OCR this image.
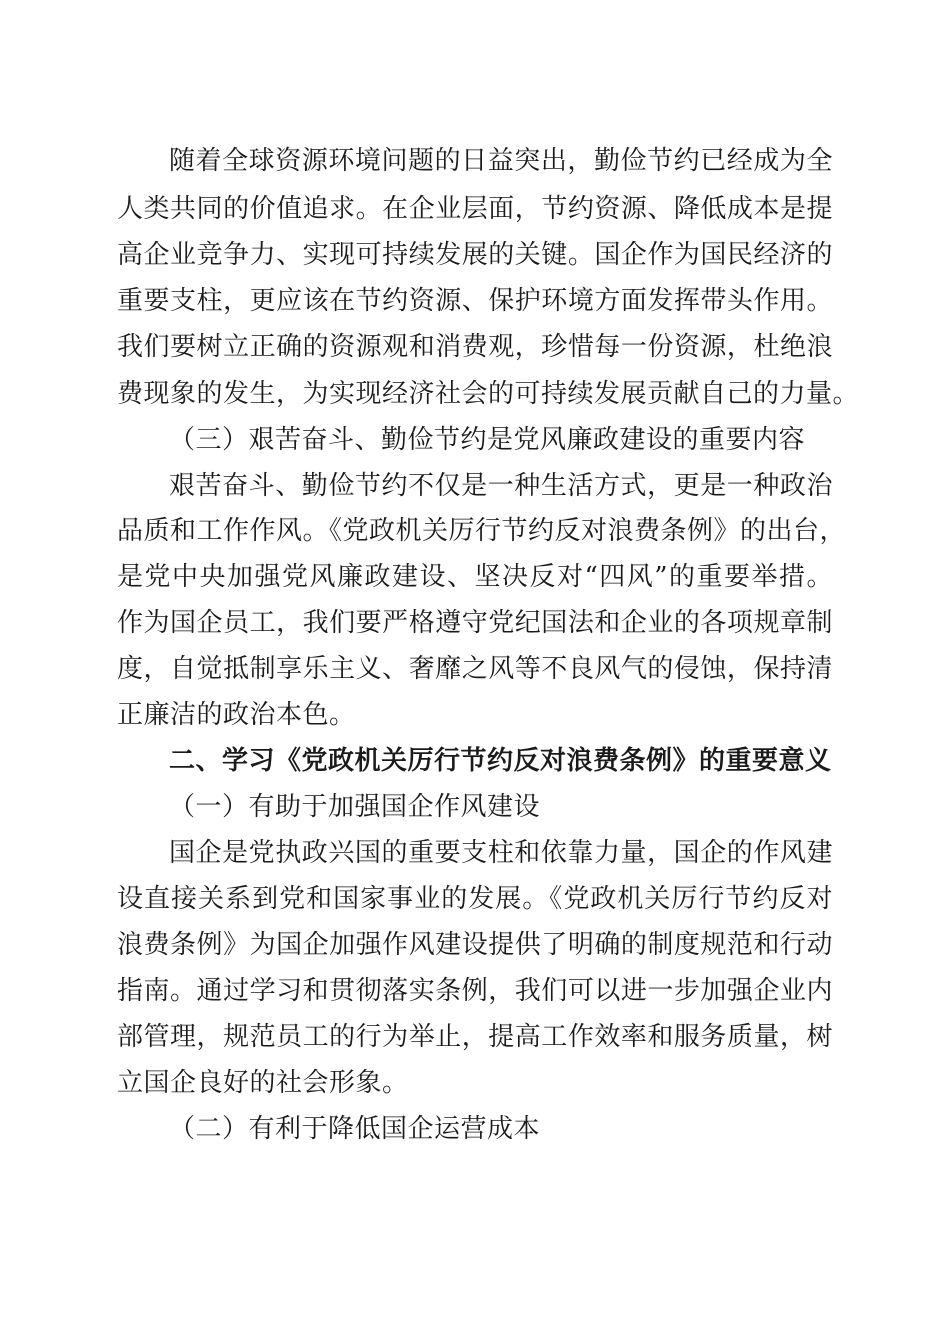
随着全球资源环境问题的日益突出，勤俭节约已经成为全
人类共同的价值追求。在企业层面，节约资源、降低成本是提
高企业竞争力、实现可持续发展的关键。国企作为国民经济的
重要支柱，更应该在节约资源、保护环境方面发挥带头作用。
我们要树立正确的资源观和消费观，珍惜每一份资源，杜绝浪
费现象的发生，为实现经济社会的可持续发展贡献自己的力量。
（三）艰苦奋斗、勤俭节约是党风廉政建设的重要内容
艰苦奋斗、勤俭节约不仅是一种生活方式，更是一种政治
品质和工作作风。《党政机关厉行节约反对浪费条例》的出台，
是党中央加强党风廉政建设、坚决反对“四风”的重要举措。
作为国企员工，我们要严格遵守党纪国法和企业的各项规章制
度，自觉抵制享乐主义、奢靡之风等不良风气的侵蚀，保持清
正廉洁的政治本色。
二、学习《党政机关厉行节约反对浪费条例》的重要意义
（一）有助于加强国企作风建设
国企是党执政兴国的重要支柱和依靠力量，国企的作风建
设直接关系到党和国家事业的发展。《党政机关厉行节约反对
浪费条例》为国企加强作风建设提供了明确的制度规范和行动
指南。通过学习和贯彻落实条例，我们可以进一步加强企业内
部管理，规范员工的行为举止，提高工作效率和服务质量，树
立国企良好的社会形象。
（二）有利于降低国企运营成本
